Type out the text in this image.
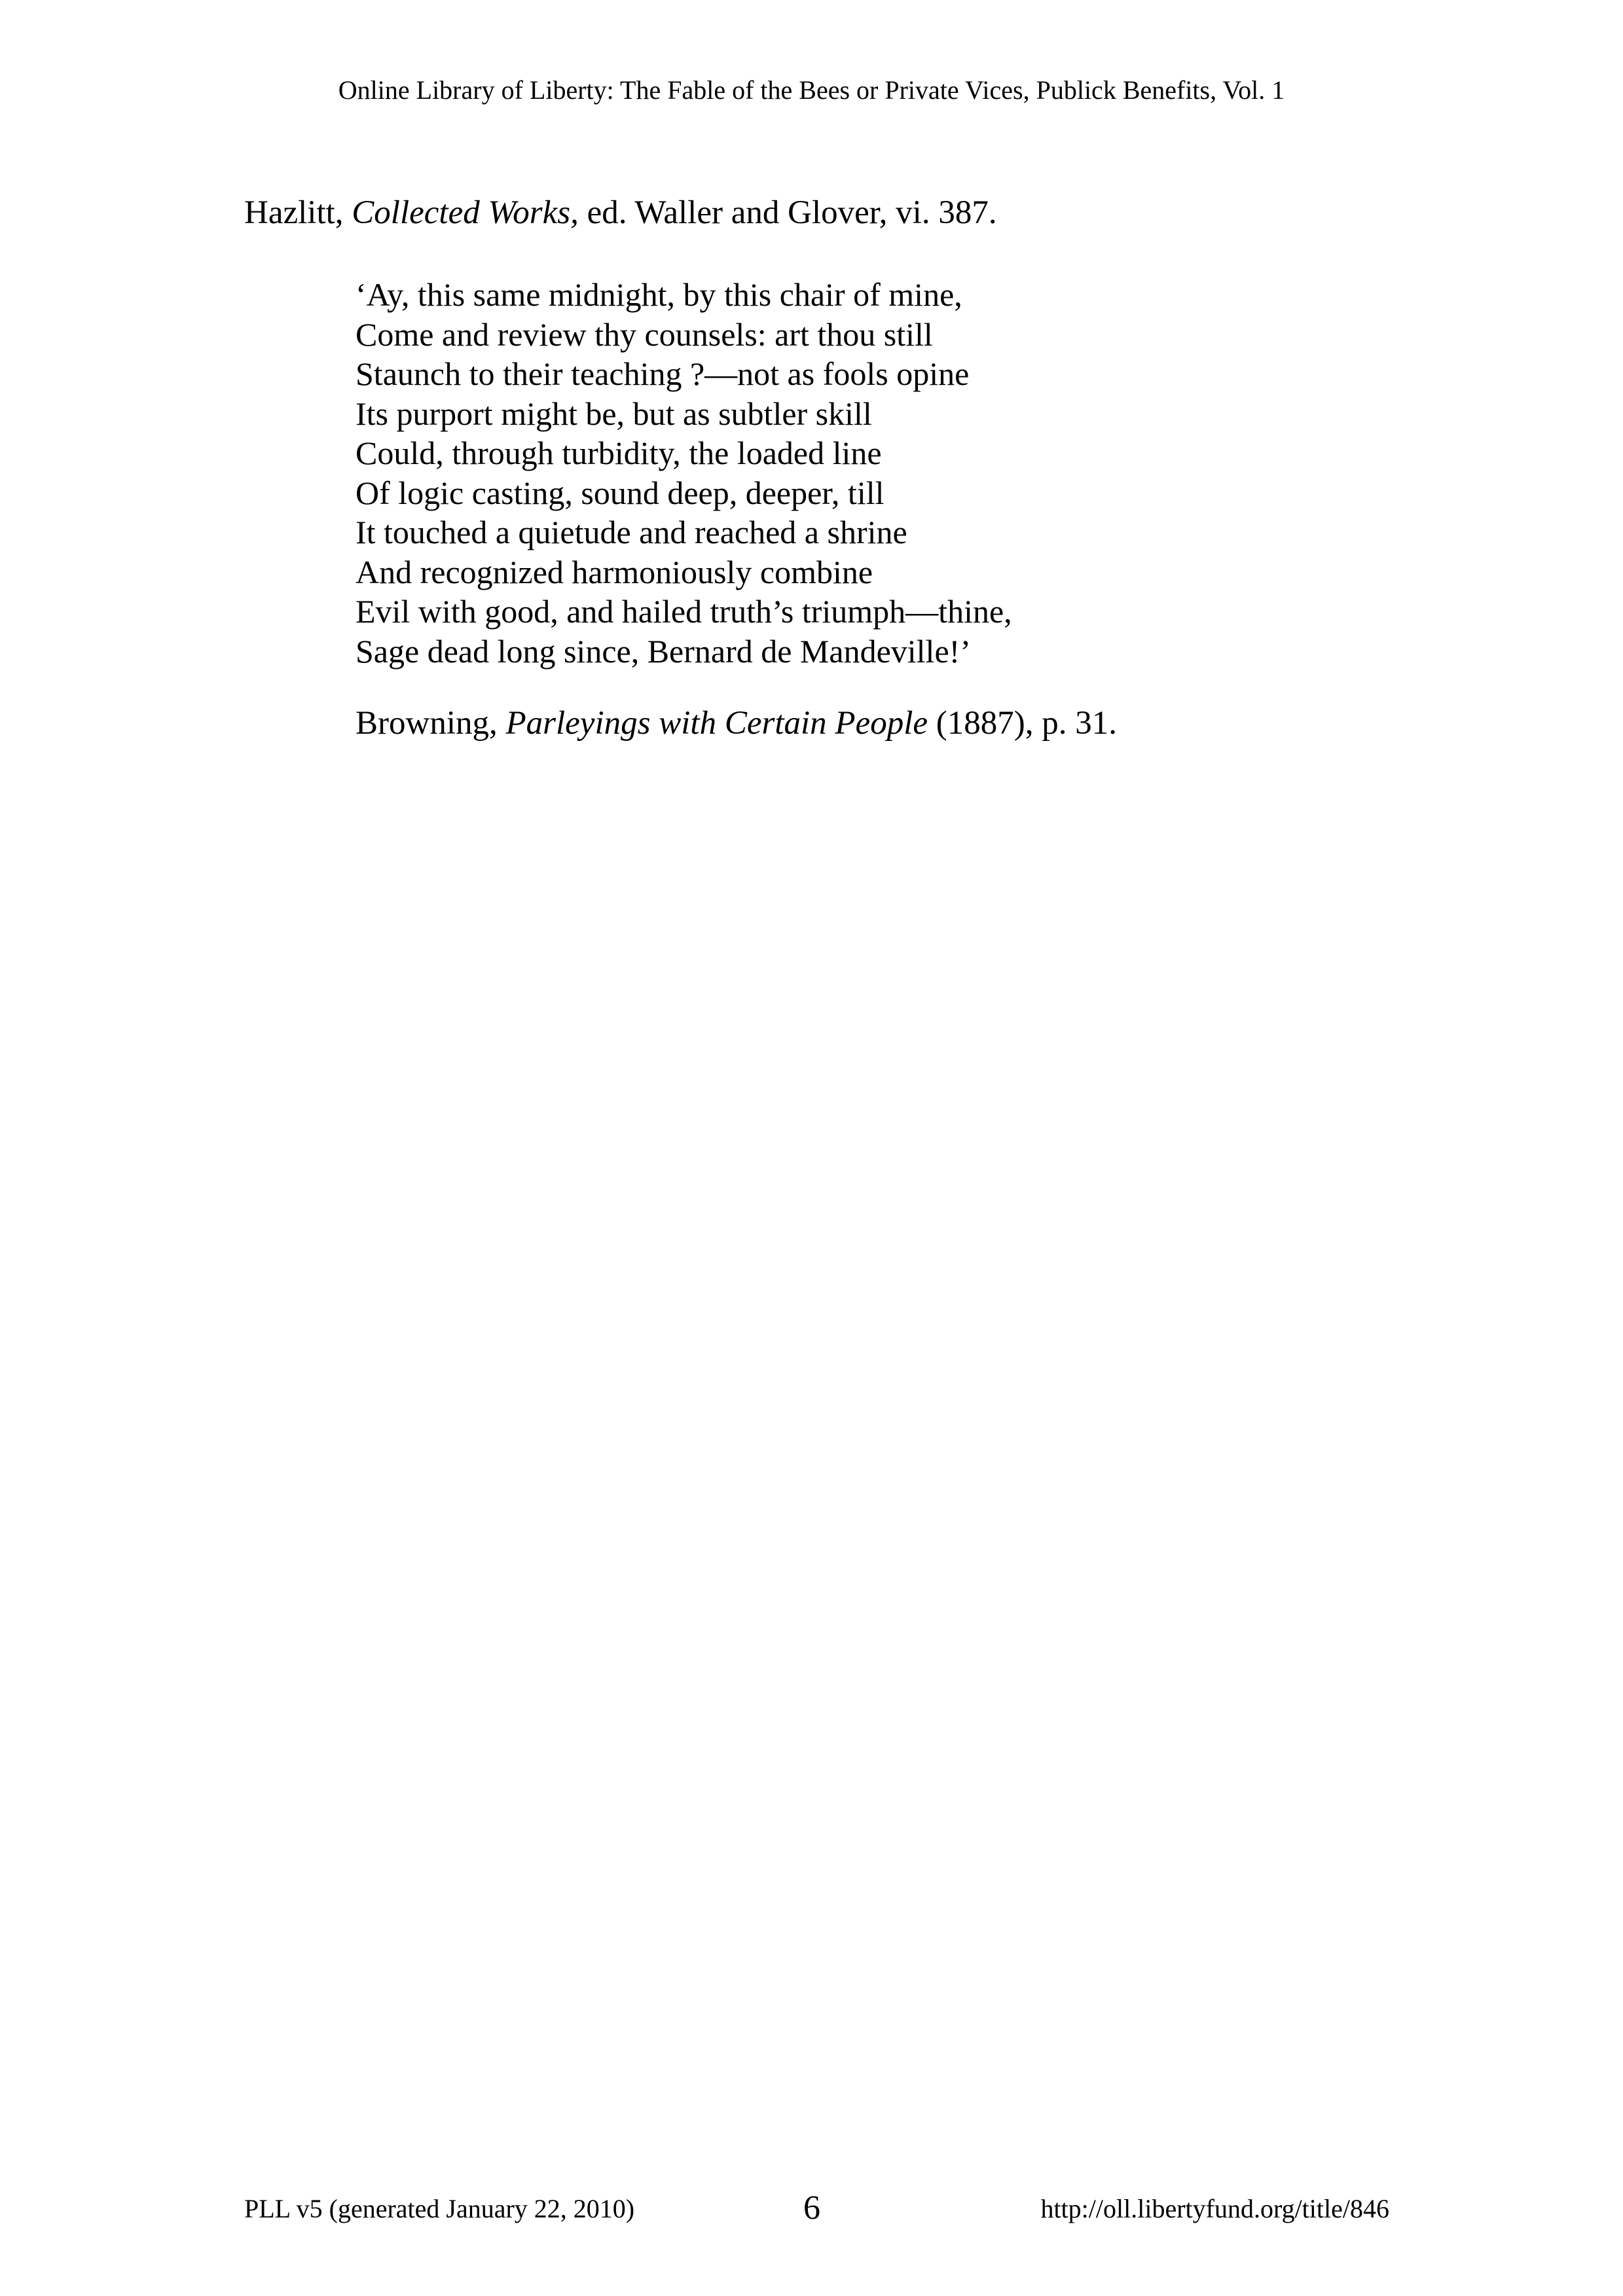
Online Library of Liberty: The Fable of the Bees or Private Vices, Publick Benefits, Vol. 1
Hazlitt, Collected Works, ed. Waller and Glover, vi. 387.
‘Ay, this same midnight, by this chair of mine,
Come and review thy counsels: art thou still
Staunch to their teaching ?—not as fools opine
Its purport might be, but as subtler skill
Could, through turbidity, the loaded line
Of logic casting, sound deep, deeper, till
It touched a quietude and reached a shrine
And recognized harmoniously combine
Evil with good, and hailed truth’s triumph—thine,
Sage dead long since, Bernard de Mandeville!’
Browning, Parleyings with Certain People (1887), p. 31.
PLL v5 (generated January 22, 2010)	6	http://oll.libertyfund.org/title/846
